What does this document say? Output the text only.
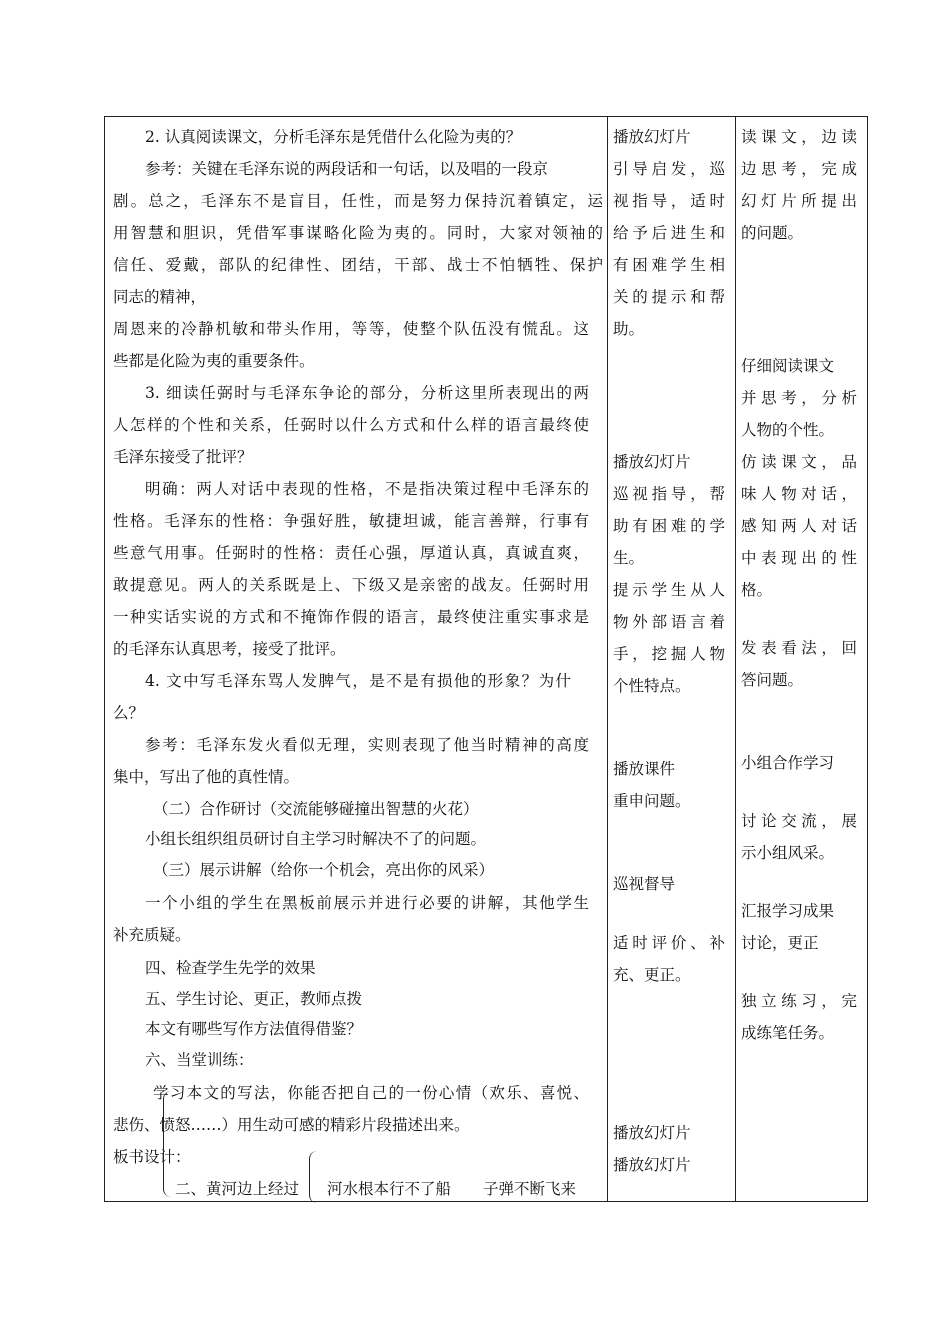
2. 认真阅读课文，分析毛泽东是凭借什么化险为夷的？
参考：关键在毛泽东说的两段话和一句话，以及唱的一段京
剧。总之，毛泽东不是盲目，任性，而是努力保持沉着镇定，运
用智慧和胆识，凭借军事谋略化险为夷的。同时，大家对领袖的
信任、爱戴，部队的纪律性、团结，干部、战士不怕牺牲、保护
同志的精神，
周恩来的冷静机敏和带头作用，等等，使整个队伍没有慌乱。这
些都是化险为夷的重要条件。
3. 细读任弼时与毛泽东争论的部分，分析这里所表现出的两
人怎样的个性和关系，任弼时以什么方式和什么样的语言最终使
毛泽东接受了批评？
明确：两人对话中表现的性格，不是指决策过程中毛泽东的
性格。毛泽东的性格：争强好胜，敏捷坦诚，能言善辩，行事有
些意气用事。任弼时的性格：责任心强，厚道认真，真诚直爽，
敢提意见。两人的关系既是上、下级又是亲密的战友。任弼时用
一种实话实说的方式和不掩饰作假的语言，最终使注重实事求是
的毛泽东认真思考，接受了批评。
4. 文中写毛泽东骂人发脾气，是不是有损他的形象？为什
么？
参考：毛泽东发火看似无理，实则表现了他当时精神的高度
集中，写出了他的真性情。
（二）合作研讨（交流能够碰撞出智慧的火花）
小组长组织组员研讨自主学习时解决不了的问题。
（三）展示讲解（给你一个机会，亮出你的风采）
一个小组的学生在黑板前展示并进行必要的讲解，其他学生
补充质疑。
四、检查学生先学的效果
五、学生讨论、更正，教师点拨
本文有哪些写作方法值得借鉴？
六、当堂训练：
学习本文的写法，你能否把自己的一份心情（欢乐、喜悦、
悲伤、愤怒……）用生动可感的精彩片段描述出来。
板书设计：
二、黄河边上经过 河水根本行不了船 子弹不断飞来
播放幻灯片
引导启发，巡
视指导，适时
给予后进生和
有困难学生相
关的提示和帮
助。
播放幻灯片
巡视指导，帮
助有困难的学
生。
提示学生从人
物外部语言着
手，挖掘人物
个性特点。
播放课件
重申问题。
巡视督导
适时评价、补
充、更正。
播放幻灯片
播放幻灯片
读课文，边读
边思考，完成
幻灯片所提出
的问题。
仔细阅读课文
并思考，分析
人物的个性。
仿读课文，品
味人物对话，
感知两人对话
中表现出的性
格。
发表看法，回
答问题。
小组合作学习
讨论交流，展
示小组风采。
汇报学习成果
讨论，更正
独立练习，完
成练笔任务。
